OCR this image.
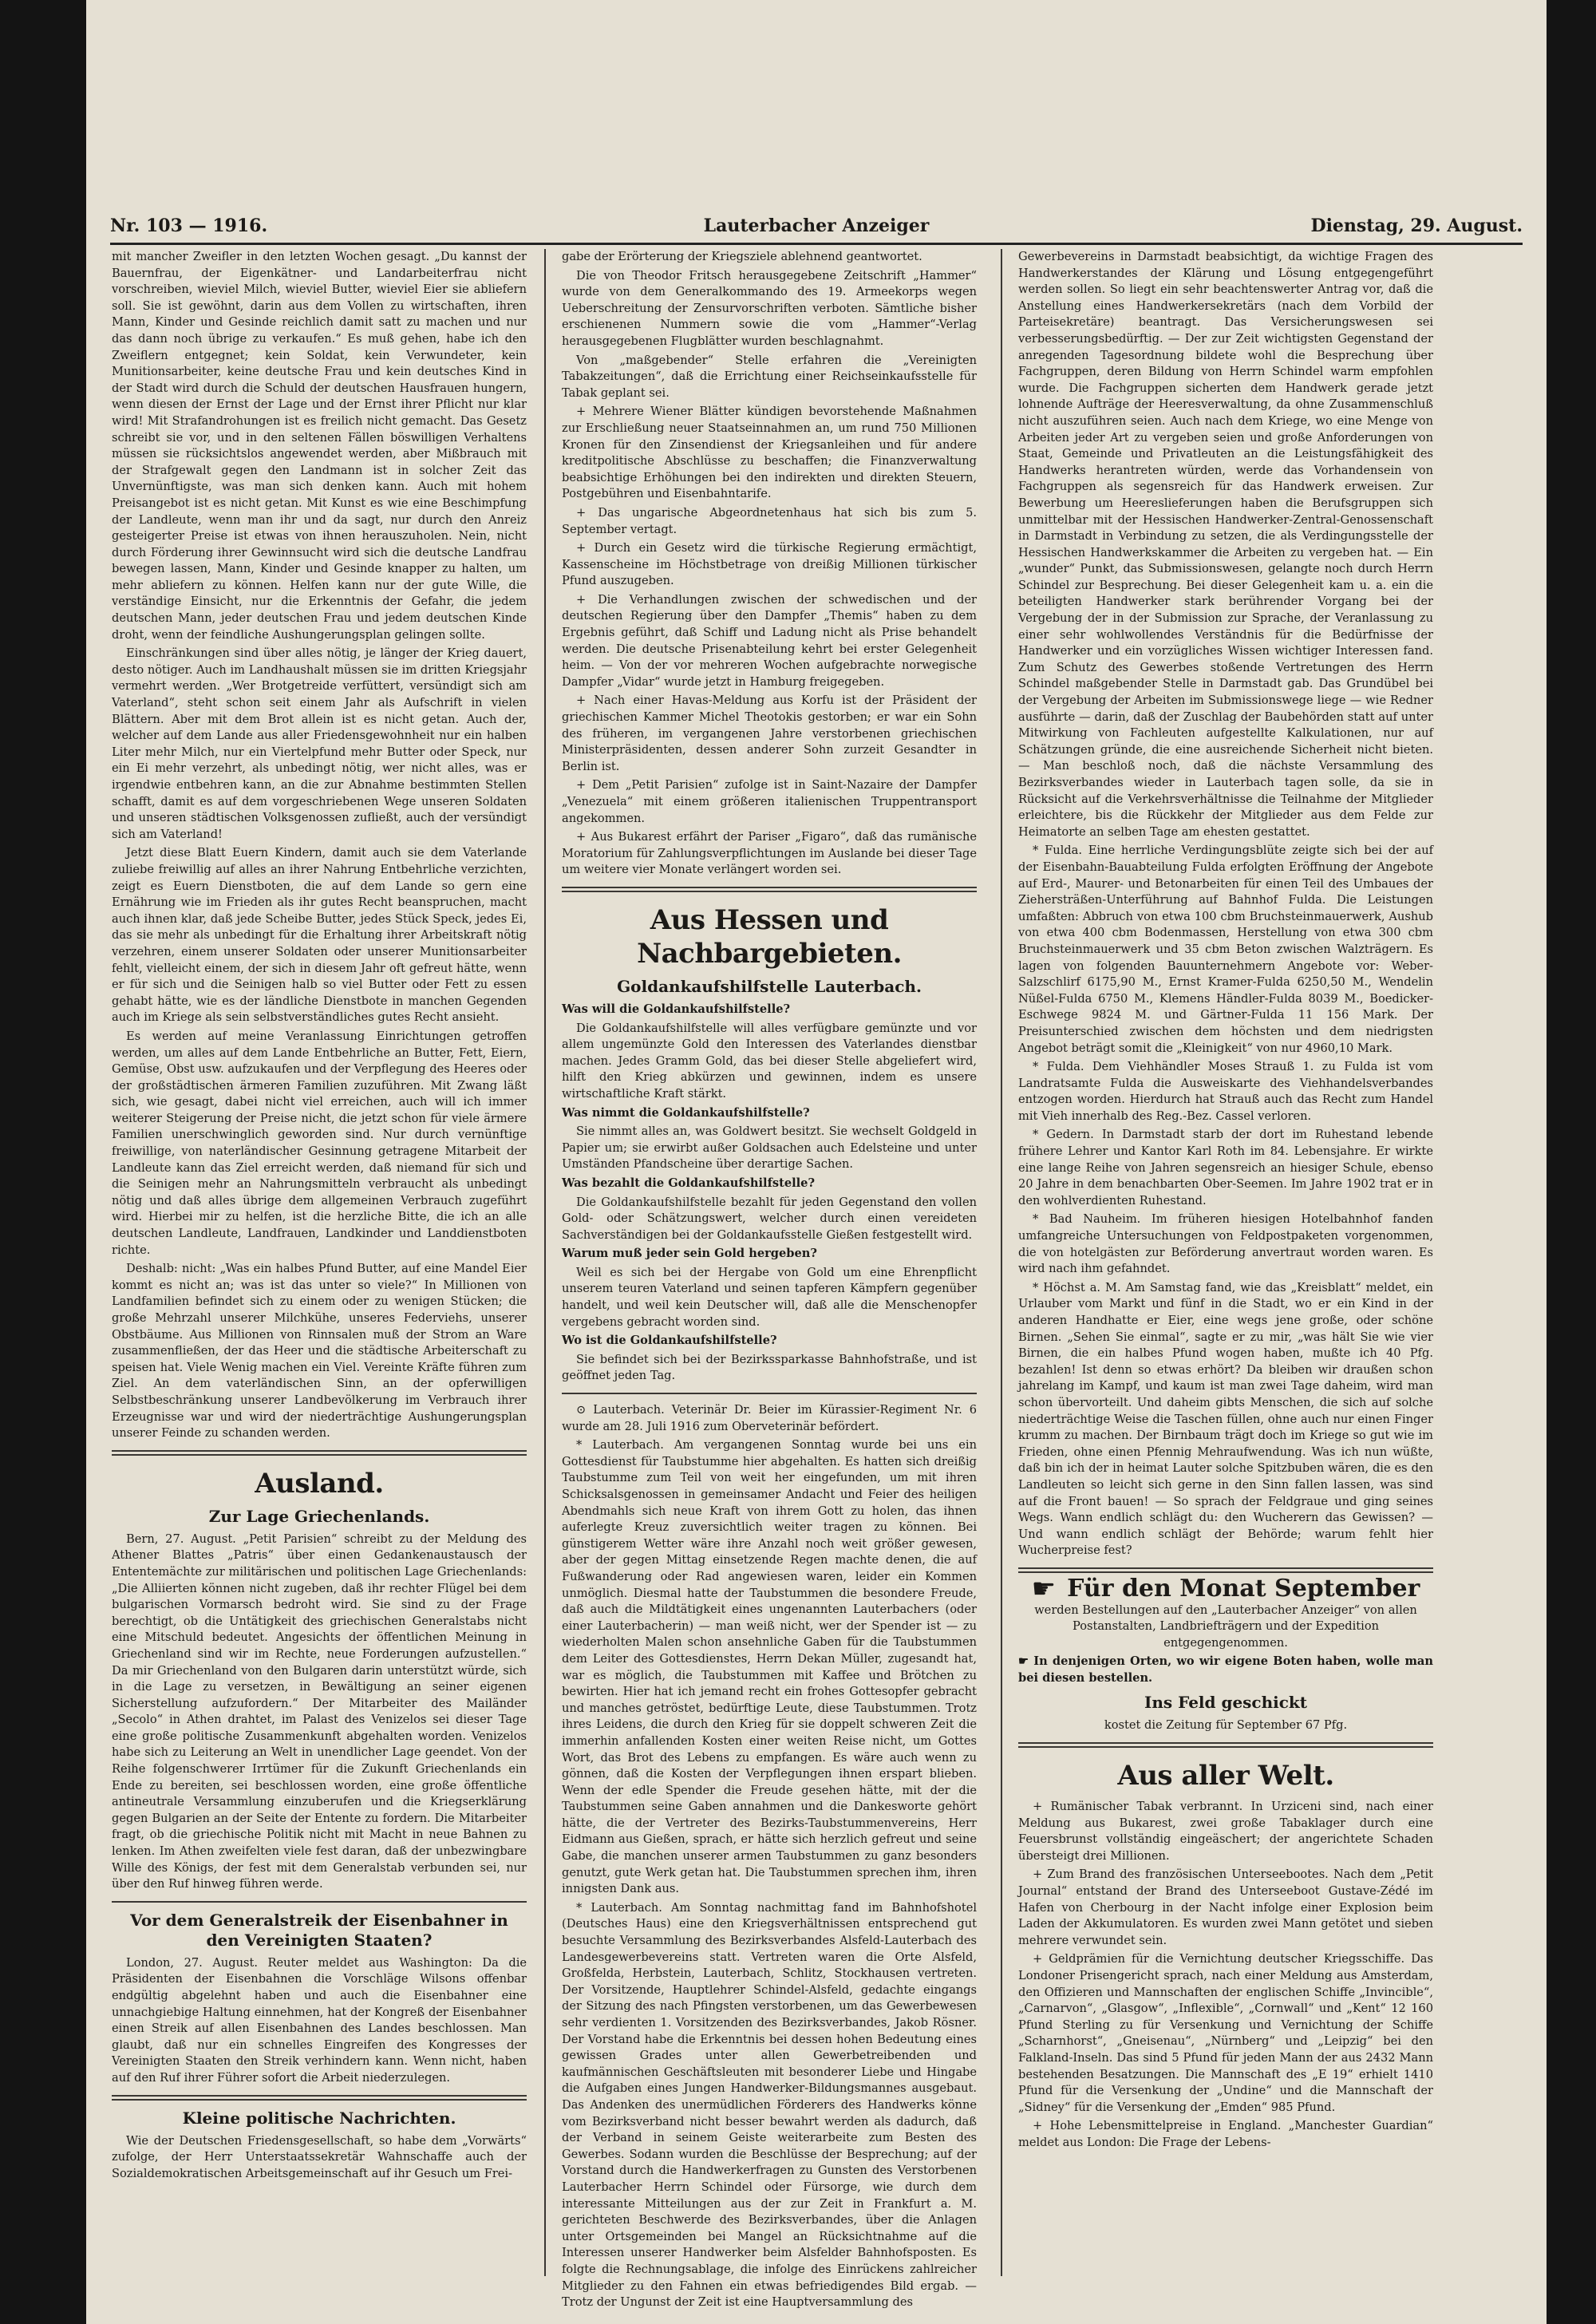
Nr. 103 — 1916.	Lauterbacher Anzeiger	Dienstag, 29. August.

mit mancher Zweifler in den letzten Wochen gesagt. „Du kannst der Bauernfrau, der Eigenkätner- und Landarbeiterfrau nicht vorschreiben, wieviel Milch, wieviel Butter, wieviel Eier sie abliefern soll. Sie ist gewöhnt, darin aus dem Vollen zu wirtschaften, ihren Mann, Kinder und Gesinde reichlich damit satt zu machen und nur das dann noch übrige zu verkaufen.“ Es muß gehen, habe ich den Zweiflern entgegnet; kein Soldat, kein Verwundeter, kein Munitionsarbeiter, keine deutsche Frau und kein deutsches Kind in der Stadt wird durch die Schuld der deutschen Hausfrauen hungern, wenn diesen der Ernst der Lage und der Ernst ihrer Pflicht nur klar wird! Mit Strafandrohungen ist es freilich nicht gemacht. Das Gesetz schreibt sie vor, und in den seltenen Fällen böswilligen Verhaltens müssen sie rücksichtslos angewendet werden, aber Mißbrauch mit der Strafgewalt gegen den Landmann ist in solcher Zeit das Unvernünftigste, was man sich denken kann. Auch mit hohem Preisangebot ist es nicht getan. Mit Kunst es wie eine Beschimpfung der Landleute, wenn man ihr und da sagt, nur durch den Anreiz gesteigerter Preise ist etwas von ihnen herauszuholen. Nein, nicht durch Förderung ihrer Gewinnsucht wird sich die deutsche Landfrau bewegen lassen, Mann, Kinder und Gesinde knapper zu halten, um mehr abliefern zu können. Helfen kann nur der gute Wille, die verständige Einsicht, nur die Erkenntnis der Gefahr, die jedem deutschen Mann, jeder deutschen Frau und jedem deutschen Kinde droht, wenn der feindliche Aushungerungsplan gelingen sollte.

Einschränkungen sind über alles nötig, je länger der Krieg dauert, desto nötiger. Auch im Landhaushalt müssen sie im dritten Kriegsjahr vermehrt werden. „Wer Brotgetreide verfüttert, versündigt sich am Vaterland“, steht schon seit einem Jahr als Aufschrift in vielen Blättern. Aber mit dem Brot allein ist es nicht getan. Auch der, welcher auf dem Lande aus aller Friedensgewohnheit nur ein halben Liter mehr Milch, nur ein Viertelpfund mehr Butter oder Speck, nur ein Ei mehr verzehrt, als unbedingt nötig, wer nicht alles, was er irgendwie entbehren kann, an die zur Abnahme bestimmten Stellen schafft, damit es auf dem vorgeschriebenen Wege unseren Soldaten und unseren städtischen Volksgenossen zufließt, auch der versündigt sich am Vaterland!

Jetzt diese Blatt Euern Kindern, damit auch sie dem Vaterlande zuliebe freiwillig auf alles an ihrer Nahrung Entbehrliche verzichten, zeigt es Euern Dienstboten, die auf dem Lande so gern eine Ernährung wie im Frieden als ihr gutes Recht beanspruchen, macht auch ihnen klar, daß jede Scheibe Butter, jedes Stück Speck, jedes Ei, das sie mehr als unbedingt für die Erhaltung ihrer Arbeitskraft nötig verzehren, einem unserer Soldaten oder unserer Munitionsarbeiter fehlt, vielleicht einem, der sich in diesem Jahr oft gefreut hätte, wenn er für sich und die Seinigen halb so viel Butter oder Fett zu essen gehabt hätte, wie es der ländliche Dienstbote in manchen Gegenden auch im Kriege als sein selbstverständliches gutes Recht ansieht.

Es werden auf meine Veranlassung Einrichtungen getroffen werden, um alles auf dem Lande Entbehrliche an Butter, Fett, Eiern, Gemüse, Obst usw. aufzukaufen und der Verpflegung des Heeres oder der großstädtischen ärmeren Familien zuzuführen. Mit Zwang läßt sich, wie gesagt, dabei nicht viel erreichen, auch will ich immer weiterer Steigerung der Preise nicht, die jetzt schon für viele ärmere Familien unerschwinglich geworden sind. Nur durch vernünftige freiwillige, von naterländischer Gesinnung getragene Mitarbeit der Landleute kann das Ziel erreicht werden, daß niemand für sich und die Seinigen mehr an Nahrungsmitteln verbraucht als unbedingt nötig und daß alles übrige dem allgemeinen Verbrauch zugeführt wird. Hierbei mir zu helfen, ist die herzliche Bitte, die ich an alle deutschen Landleute, Landfrauen, Landkinder und Landdienstboten richte.

Deshalb: nicht: „Was ein halbes Pfund Butter, auf eine Mandel Eier kommt es nicht an; was ist das unter so viele?“ In Millionen von Landfamilien befindet sich zu einem oder zu wenigen Stücken; die große Mehrzahl unserer Milchkühe, unseres Federviehs, unserer Obstbäume. Aus Millionen von Rinnsalen muß der Strom an Ware zusammenfließen, der das Heer und die städtische Arbeiterschaft zu speisen hat. Viele Wenig machen ein Viel. Vereinte Kräfte führen zum Ziel. An dem vaterländischen Sinn, an der opferwilligen Selbstbeschränkung unserer Landbevölkerung im Verbrauch ihrer Erzeugnisse war und wird der niederträchtige Aushungerungsplan unserer Feinde zu schanden werden.

Ausland.
Zur Lage Griechenlands.

Bern, 27. August. „Petit Parisien“ schreibt zu der Meldung des Athener Blattes „Patris“ über einen Gedankenaustausch der Ententemächte zur militärischen und politischen Lage Griechenlands: „Die Alliierten können nicht zugeben, daß ihr rechter Flügel bei dem bulgarischen Vormarsch bedroht wird. Sie sind zu der Frage berechtigt, ob die Untätigkeit des griechischen Generalstabs nicht eine Mitschuld bedeutet. Angesichts der öffentlichen Meinung in Griechenland sind wir im Rechte, neue Forderungen aufzustellen.“ Da mir Griechenland von den Bulgaren darin unterstützt würde, sich in die Lage zu versetzen, in Bewältigung an seiner eigenen Sicherstellung aufzufordern.“ Der Mitarbeiter des Mailänder „Secolo“ in Athen drahtet, im Palast des Venizelos sei dieser Tage eine große politische Zusammenkunft abgehalten worden. Venizelos habe sich zu Leiterung an Welt in unendlicher Lage geendet. Von der Reihe folgenschwerer Irrtümer für die Zukunft Griechenlands ein Ende zu bereiten, sei beschlossen worden, eine große öffentliche antineutrale Versammlung einzuberufen und die Kriegserklärung gegen Bulgarien an der Seite der Entente zu fordern. Die Mitarbeiter fragt, ob die griechische Politik nicht mit Macht in neue Bahnen zu lenken. Im Athen zweifelten viele fest daran, daß der unbezwingbare Wille des Königs, der fest mit dem Generalstab verbunden sei, nur über den Ruf hinweg führen werde.

Vor dem Generalstreik der Eisenbahner in den Vereinigten Staaten?

London, 27. August. Reuter meldet aus Washington: Da die Präsidenten der Eisenbahnen die Vorschläge Wilsons offenbar endgültig abgelehnt haben und auch die Eisenbahner eine unnachgiebige Haltung einnehmen, hat der Kongreß der Eisenbahner einen Streik auf allen Eisenbahnen des Landes beschlossen. Man glaubt, daß nur ein schnelles Eingreifen des Kongresses der Vereinigten Staaten den Streik verhindern kann. Wenn nicht, haben auf den Ruf ihrer Führer sofort die Arbeit niederzulegen.

Kleine politische Nachrichten.

Wie der Deutschen Friedensgesellschaft, so habe dem „Vorwärts“ zufolge, der Herr Unterstaatssekretär Wahnschaffe auch der Sozialdemokratischen Arbeitsgemeinschaft auf ihr Gesuch um Frei-

gabe der Erörterung der Kriegsziele ablehnend geantwortet.

Die von Theodor Fritsch herausgegebene Zeitschrift „Hammer“ wurde von dem Generalkommando des 19. Armeekorps wegen Ueberschreitung der Zensurvorschriften verboten. Sämtliche bisher erschienenen Nummern sowie die vom „Hammer“-Verlag herausgegebenen Flugblätter wurden beschlagnahmt.

Von „maßgebender“ Stelle erfahren die „Vereinigten Tabakzeitungen“, daß die Errichtung einer Reichseinkaufsstelle für Tabak geplant sei.

+ Mehrere Wiener Blätter kündigen bevorstehende Maßnahmen zur Erschließung neuer Staatseinnahmen an, um rund 750 Millionen Kronen für den Zinsendienst der Kriegsanleihen und für andere kreditpolitische Abschlüsse zu beschaffen; die Finanzverwaltung beabsichtige Erhöhungen bei den indirekten und direkten Steuern, Postgebühren und Eisenbahntarife.

+ Das ungarische Abgeordnetenhaus hat sich bis zum 5. September vertagt.

+ Durch ein Gesetz wird die türkische Regierung ermächtigt, Kassenscheine im Höchstbetrage von dreißig Millionen türkischer Pfund auszugeben.

+ Die Verhandlungen zwischen der schwedischen und der deutschen Regierung über den Dampfer „Themis“ haben zu dem Ergebnis geführt, daß Schiff und Ladung nicht als Prise behandelt werden. Die deutsche Prisenabteilung kehrt bei erster Gelegenheit heim. — Von der vor mehreren Wochen aufgebrachte norwegische Dampfer „Vidar“ wurde jetzt in Hamburg freigegeben.

+ Nach einer Havas-Meldung aus Korfu ist der Präsident der griechischen Kammer Michel Theotokis gestorben; er war ein Sohn des früheren, im vergangenen Jahre verstorbenen griechischen Ministerpräsidenten, dessen anderer Sohn zurzeit Gesandter in Berlin ist.

+ Dem „Petit Parisien“ zufolge ist in Saint-Nazaire der Dampfer „Venezuela“ mit einem größeren italienischen Truppentransport angekommen.

+ Aus Bukarest erfährt der Pariser „Figaro“, daß das rumänische Moratorium für Zahlungsverpflichtungen im Auslande bei dieser Tage um weitere vier Monate verlängert worden sei.

Aus Hessen und Nachbargebieten.
Goldankaufshilfstelle Lauterbach.

Was will die Goldankaufshilfstelle?

Die Goldankaufshilfstelle will alles verfügbare gemünzte und vor allem ungemünzte Gold den Interessen des Vaterlandes dienstbar machen. Jedes Gramm Gold, das bei dieser Stelle abgeliefert wird, hilft den Krieg abkürzen und gewinnen, indem es unsere wirtschaftliche Kraft stärkt.

Was nimmt die Goldankaufshilfstelle?

Sie nimmt alles an, was Goldwert besitzt. Sie wechselt Goldgeld in Papier um; sie erwirbt außer Goldsachen auch Edelsteine und unter Umständen Pfandscheine über derartige Sachen.

Was bezahlt die Goldankaufshilfstelle?

Die Goldankaufshilfstelle bezahlt für jeden Gegenstand den vollen Gold- oder Schätzungswert, welcher durch einen vereideten Sachverständigen bei der Goldankaufsstelle Gießen festgestellt wird.

Warum muß jeder sein Gold hergeben?

Weil es sich bei der Hergabe von Gold um eine Ehrenpflicht unserem teuren Vaterland und seinen tapferen Kämpfern gegenüber handelt, und weil kein Deutscher will, daß alle die Menschenopfer vergebens gebracht worden sind.

Wo ist die Goldankaufshilfstelle?

Sie befindet sich bei der Bezirkssparkasse Bahnhofstraße, und ist geöffnet jeden Tag.

⊙ Lauterbach. Veterinär Dr. Beier im Kürassier-Regiment Nr. 6 wurde am 28. Juli 1916 zum Oberveterinär befördert.

* Lauterbach. Am vergangenen Sonntag wurde bei uns ein Gottesdienst für Taubstumme hier abgehalten. Es hatten sich dreißig Taubstumme zum Teil von weit her eingefunden, um mit ihren Schicksalsgenossen in gemeinsamer Andacht und Feier des heiligen Abendmahls sich neue Kraft von ihrem Gott zu holen, das ihnen auferlegte Kreuz zuversichtlich weiter tragen zu können. Bei günstigerem Wetter wäre ihre Anzahl noch weit größer gewesen, aber der gegen Mittag einsetzende Regen machte denen, die auf Fußwanderung oder Rad angewiesen waren, leider ein Kommen unmöglich. Diesmal hatte der Taubstummen die besondere Freude, daß auch die Mildtätigkeit eines ungenannten Lauterbachers (oder einer Lauterbacherin) — man weiß nicht, wer der Spender ist — zu wiederholten Malen schon ansehnliche Gaben für die Taubstummen dem Leiter des Gottesdienstes, Herrn Dekan Müller, zugesandt hat, war es möglich, die Taubstummen mit Kaffee und Brötchen zu bewirten. Hier hat ich jemand recht ein frohes Gottesopfer gebracht und manches getröstet, bedürftige Leute, diese Taubstummen. Trotz ihres Leidens, die durch den Krieg für sie doppelt schweren Zeit die immerhin anfallenden Kosten einer weiten Reise nicht, um Gottes Wort, das Brot des Lebens zu empfangen. Es wäre auch wenn zu gönnen, daß die Kosten der Verpflegungen ihnen erspart blieben. Wenn der edle Spender die Freude gesehen hätte, mit der die Taubstummen seine Gaben annahmen und die Dankesworte gehört hätte, die der Vertreter des Bezirks-Taubstummenvereins, Herr Eidmann aus Gießen, sprach, er hätte sich herzlich gefreut und seine Gabe, die manchen unserer armen Taubstummen zu ganz besonders genutzt, gute Werk getan hat. Die Taubstummen sprechen ihm, ihren innigsten Dank aus.

* Lauterbach. Am Sonntag nachmittag fand im Bahnhofshotel (Deutsches Haus) eine den Kriegsverhältnissen entsprechend gut besuchte Versammlung des Bezirksverbandes Alsfeld-Lauterbach des Landesgewerbevereins statt. Vertreten waren die Orte Alsfeld, Großfelda, Herbstein, Lauterbach, Schlitz, Stockhausen vertreten. Der Vorsitzende, Hauptlehrer Schindel-Alsfeld, gedachte eingangs der Sitzung des nach Pfingsten verstorbenen, um das Gewerbewesen sehr verdienten 1. Vorsitzenden des Bezirksverbandes, Jakob Rösner. Der Vorstand habe die Erkenntnis bei dessen hohen Bedeutung eines gewissen Grades unter allen Gewerbetreibenden und kaufmännischen Geschäftsleuten mit besonderer Liebe und Hingabe die Aufgaben eines Jungen Handwerker-Bildungsmannes ausgebaut. Das Andenken des unermüdlichen Förderers des Handwerks könne vom Bezirksverband nicht besser bewahrt werden als dadurch, daß der Verband in seinem Geiste weiterarbeite zum Besten des Gewerbes. Sodann wurden die Beschlüsse der Besprechung; auf der Vorstand durch die Handwerkerfragen zu Gunsten des Verstorbenen Lauterbacher Herrn Schindel oder Fürsorge, wie durch dem interessante Mitteilungen aus der zur Zeit in Frankfurt a. M. gerichteten Beschwerde des Bezirksverbandes, über die Anlagen unter Ortsgemeinden bei Mangel an Rücksichtnahme auf die Interessen unserer Handwerker beim Alsfelder Bahnhofsposten. Es folgte die Rechnungsablage, die infolge des Einrückens zahlreicher Mitglieder zu den Fahnen ein etwas befriedigendes Bild ergab. — Trotz der Ungunst der Zeit ist eine Hauptversammlung des

Gewerbevereins in Darmstadt beabsichtigt, da wichtige Fragen des Handwerkerstandes der Klärung und Lösung entgegengeführt werden sollen. So liegt ein sehr beachtenswerter Antrag vor, daß die Anstellung eines Handwerkersekretärs (nach dem Vorbild der Parteisekretäre) beantragt. Das Versicherungswesen sei verbesserungsbedürftig. — Der zur Zeit wichtigsten Gegenstand der anregenden Tagesordnung bildete wohl die Besprechung über Fachgruppen, deren Bildung von Herrn Schindel warm empfohlen wurde. Die Fachgruppen sicherten dem Handwerk gerade jetzt lohnende Aufträge der Heeresverwaltung, da ohne Zusammenschluß nicht auszuführen seien. Auch nach dem Kriege, wo eine Menge von Arbeiten jeder Art zu vergeben seien und große Anforderungen von Staat, Gemeinde und Privatleuten an die Leistungsfähigkeit des Handwerks herantreten würden, werde das Vorhandensein von Fachgruppen als segensreich für das Handwerk erweisen. Zur Bewerbung um Heereslieferungen haben die Berufsgruppen sich unmittelbar mit der Hessischen Handwerker-Zentral-Genossenschaft in Darmstadt in Verbindung zu setzen, die als Verdingungsstelle der Hessischen Handwerkskammer die Arbeiten zu vergeben hat. — Ein „wunder“ Punkt, das Submissionswesen, gelangte noch durch Herrn Schindel zur Besprechung. Bei dieser Gelegenheit kam u. a. ein die beteiligten Handwerker stark berührender Vorgang bei der Vergebung der in der Submission zur Sprache, der Veranlassung zu einer sehr wohlwollendes Verständnis für die Bedürfnisse der Handwerker und ein vorzügliches Wissen wichtiger Interessen fand. Zum Schutz des Gewerbes stoßende Vertretungen des Herrn Schindel maßgebender Stelle in Darmstadt gab. Das Grundübel bei der Vergebung der Arbeiten im Submissionswege liege — wie Redner ausführte — darin, daß der Zuschlag der Baubehörden statt auf unter Mitwirkung von Fachleuten aufgestellte Kalkulationen, nur auf Schätzungen gründe, die eine ausreichende Sicherheit nicht bieten. — Man beschloß noch, daß die nächste Versammlung des Bezirksverbandes wieder in Lauterbach tagen solle, da sie in Rücksicht auf die Verkehrsverhältnisse die Teilnahme der Mitglieder erleichtere, bis die Rückkehr der Mitglieder aus dem Felde zur Heimatorte an selben Tage am ehesten gestattet.

* Fulda. Eine herrliche Verdingungsblüte zeigte sich bei der auf der Eisenbahn-Bauabteilung Fulda erfolgten Eröffnung der Angebote auf Erd-, Maurer- und Betonarbeiten für einen Teil des Umbaues der Ziehersträßen-Unterführung auf Bahnhof Fulda. Die Leistungen umfaßten: Abbruch von etwa 100 cbm Bruchsteinmauerwerk, Aushub von etwa 400 cbm Bodenmassen, Herstellung von etwa 300 cbm Bruchsteinmauerwerk und 35 cbm Beton zwischen Walzträgern. Es lagen von folgenden Bauunternehmern Angebote vor: Weber-Salzschlirf 6175,90 M., Ernst Kramer-Fulda 6250,50 M., Wendelin Nüßel-Fulda 6750 M., Klemens Händler-Fulda 8039 M., Boedicker-Eschwege 9824 M. und Gärtner-Fulda 11 156 Mark. Der Preisunterschied zwischen dem höchsten und dem niedrigsten Angebot beträgt somit die „Kleinigkeit“ von nur 4960,10 Mark.

* Fulda. Dem Viehhändler Moses Strauß 1. zu Fulda ist vom Landratsamte Fulda die Ausweiskarte des Viehhandelsverbandes entzogen worden. Hierdurch hat Strauß auch das Recht zum Handel mit Vieh innerhalb des Reg.-Bez. Cassel verloren.

* Gedern. In Darmstadt starb der dort im Ruhestand lebende frühere Lehrer und Kantor Karl Roth im 84. Lebensjahre. Er wirkte eine lange Reihe von Jahren segensreich an hiesiger Schule, ebenso 20 Jahre in dem benachbarten Ober-Seemen. Im Jahre 1902 trat er in den wohlverdienten Ruhestand.

* Bad Nauheim. Im früheren hiesigen Hotelbahnhof fanden umfangreiche Untersuchungen von Feldpostpaketen vorgenommen, die von hotelgästen zur Beförderung anvertraut worden waren. Es wird nach ihm gefahndet.

* Höchst a. M. Am Samstag fand, wie das „Kreisblatt“ meldet, ein Urlauber vom Markt und fünf in die Stadt, wo er ein Kind in der anderen Handhatte er Eier, eine wegs jene große, oder schöne Birnen. „Sehen Sie einmal“, sagte er zu mir, „was hält Sie wie vier Birnen, die ein halbes Pfund wogen haben, mußte ich 40 Pfg. bezahlen! Ist denn so etwas erhört? Da bleiben wir draußen schon jahrelang im Kampf, und kaum ist man zwei Tage daheim, wird man schon übervorteilt. Und daheim gibts Menschen, die sich auf solche niederträchtige Weise die Taschen füllen, ohne auch nur einen Finger krumm zu machen. Der Birnbaum trägt doch im Kriege so gut wie im Frieden, ohne einen Pfennig Mehraufwendung. Was ich nun wüßte, daß bin ich der in heimat Lauter solche Spitzbuben wären, die es den Landleuten so leicht sich gerne in den Sinn fallen lassen, was sind auf die Front bauen! — So sprach der Feldgraue und ging seines Wegs. Wann endlich schlägt du: den Wucherern das Gewissen? — Und wann endlich schlägt der Behörde; warum fehlt hier Wucherpreise fest?

☛ Für den Monat September

werden Bestellungen auf den „Lauterbacher Anzeiger“ von allen Postanstalten, Landbriefträgern und der Expedition entgegengenommen.

☛ In denjenigen Orten, wo wir eigene Boten haben, wolle man bei diesen bestellen.

Ins Feld geschickt

kostet die Zeitung für September 67 Pfg.

Aus aller Welt.

+ Rumänischer Tabak verbrannt. In Urziceni sind, nach einer Meldung aus Bukarest, zwei große Tabaklager durch eine Feuersbrunst vollständig eingeäschert; der angerichtete Schaden übersteigt drei Millionen.

+ Zum Brand des französischen Unterseebootes. Nach dem „Petit Journal“ entstand der Brand des Unterseeboot Gustave-Zédé im Hafen von Cherbourg in der Nacht infolge einer Explosion beim Laden der Akkumulatoren. Es wurden zwei Mann getötet und sieben mehrere verwundet sein.

+ Geldprämien für die Vernichtung deutscher Kriegsschiffe. Das Londoner Prisengericht sprach, nach einer Meldung aus Amsterdam, den Offizieren und Mannschaften der englischen Schiffe „Invincible“, „Carnarvon“, „Glasgow“, „Inflexible“, „Cornwall“ und „Kent“ 12 160 Pfund Sterling zu für Versenkung und Vernichtung der Schiffe „Scharnhorst“, „Gneisenau“, „Nürnberg“ und „Leipzig“ bei den Falkland-Inseln. Das sind 5 Pfund für jeden Mann der aus 2432 Mann bestehenden Besatzungen. Die Mannschaft des „E 19“ erhielt 1410 Pfund für die Versenkung der „Undine“ und die Mannschaft der „Sidney“ für die Versenkung der „Emden“ 985 Pfund.

+ Hohe Lebensmittelpreise in England. „Manchester Guardian“ meldet aus London: Die Frage der Lebens-
